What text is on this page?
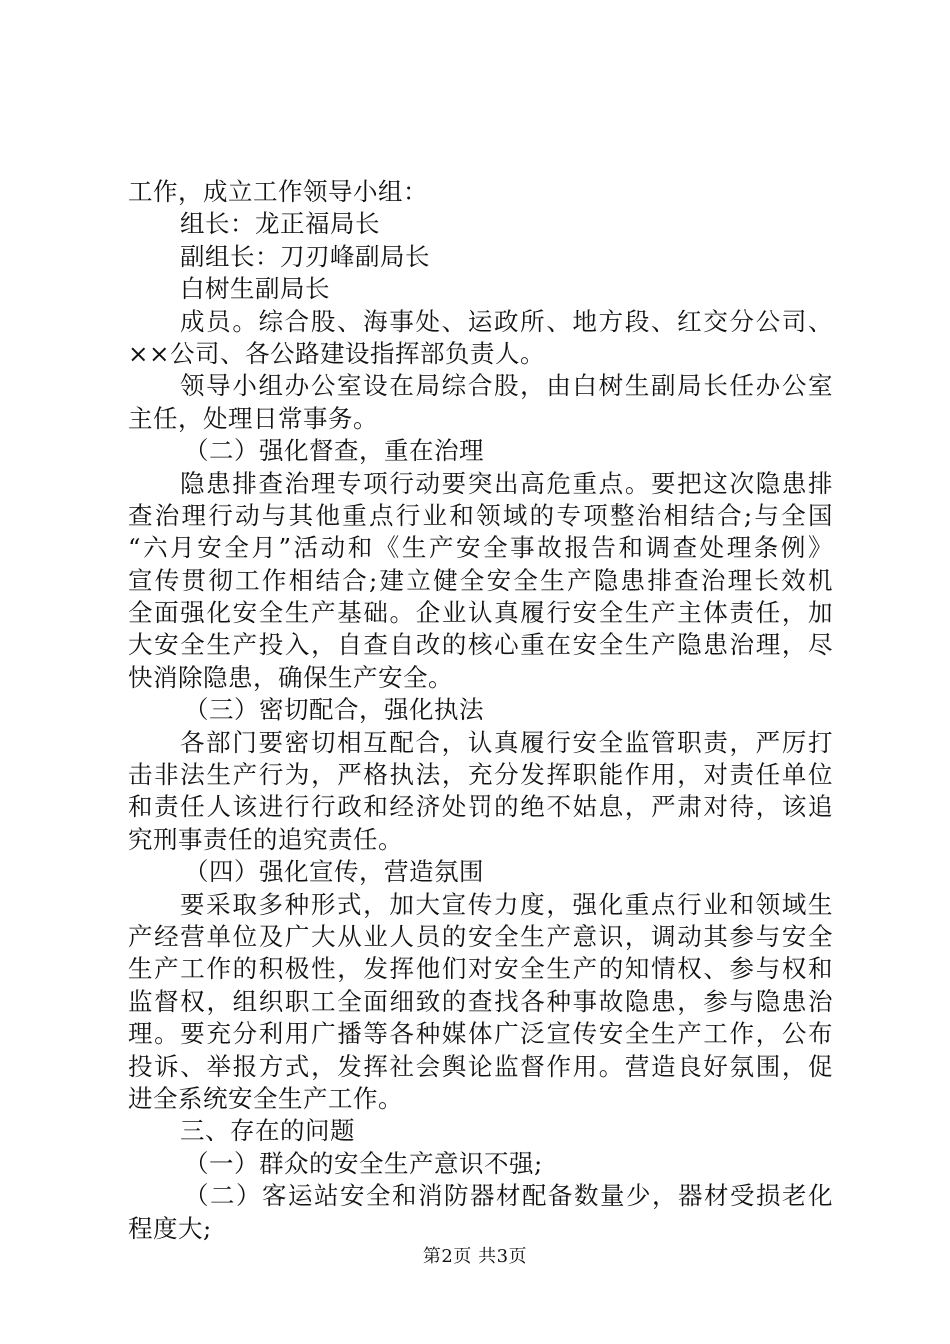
工作，成立工作领导小组：
组长：龙正福局长
副组长：刀刃峰副局长
白树生副局长
成员。综合股、海事处、运政所、地方段、红交分公司、
××公司、各公路建设指挥部负责人。
领导小组办公室设在局综合股，由白树生副局长任办公室
主任，处理日常事务。
（二）强化督查，重在治理
隐患排查治理专项行动要突出高危重点。要把这次隐患排
查治理行动与其他重点行业和领域的专项整治相结合;与全国
“六月安全月”活动和《生产安全事故报告和调查处理条例》
宣传贯彻工作相结合;建立健全安全生产隐患排查治理长效机
全面强化安全生产基础。企业认真履行安全生产主体责任，加
大安全生产投入，自查自改的核心重在安全生产隐患治理，尽
快消除隐患，确保生产安全。
（三）密切配合，强化执法
各部门要密切相互配合，认真履行安全监管职责，严厉打
击非法生产行为，严格执法，充分发挥职能作用，对责任单位
和责任人该进行行政和经济处罚的绝不姑息，严肃对待，该追
究刑事责任的追究责任。
（四）强化宣传，营造氛围
要采取多种形式，加大宣传力度，强化重点行业和领域生
产经营单位及广大从业人员的安全生产意识，调动其参与安全
生产工作的积极性，发挥他们对安全生产的知情权、参与权和
监督权，组织职工全面细致的查找各种事故隐患，参与隐患治
理。要充分利用广播等各种媒体广泛宣传安全生产工作，公布
投诉、举报方式，发挥社会舆论监督作用。营造良好氛围，促
进全系统安全生产工作。
三、存在的问题
（一）群众的安全生产意识不强;
（二）客运站安全和消防器材配备数量少，器材受损老化
程度大;
第2页 共3页
